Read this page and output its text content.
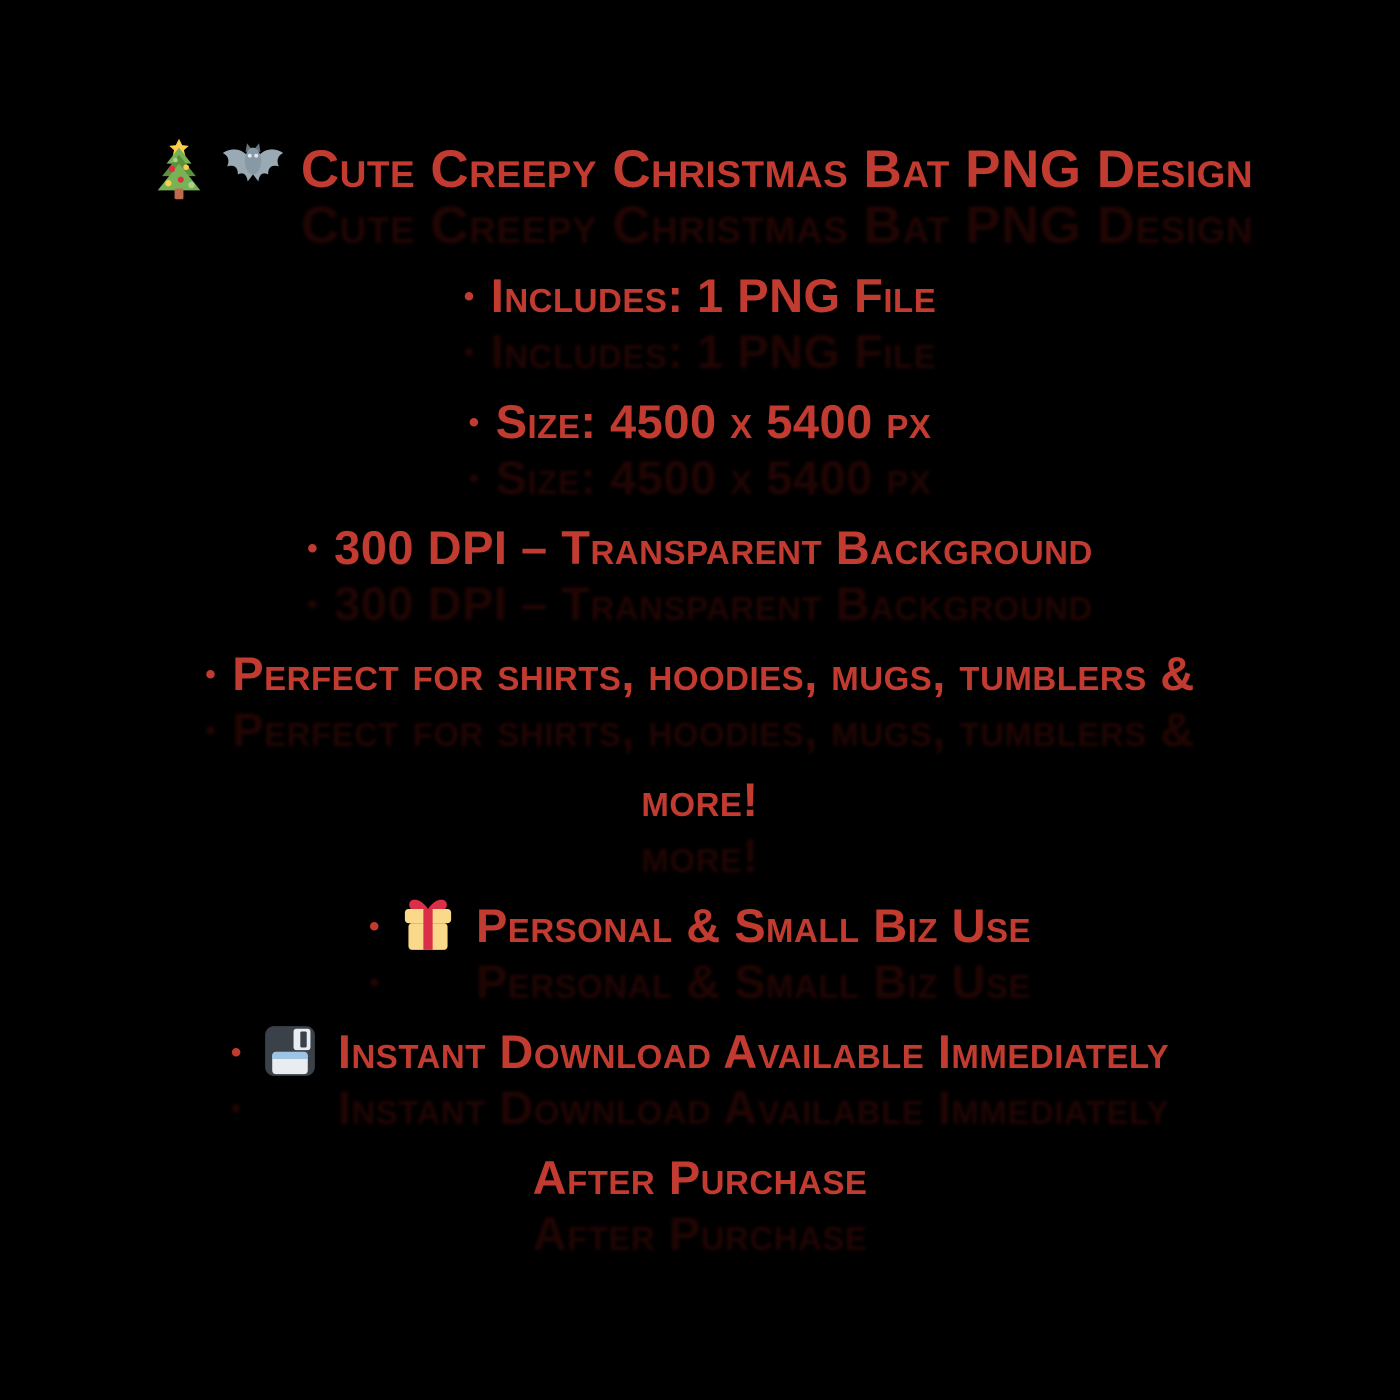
Cute Creepy Christmas Bat PNG Design
• Includes: 1 PNG File
• Size: 4500 x 5400 px
• 300 DPI – Transparent Background
• Perfect for shirts, hoodies, mugs, tumblers &
more!
• Personal & Small Biz Use
• Instant Download Available Immediately
After Purchase
